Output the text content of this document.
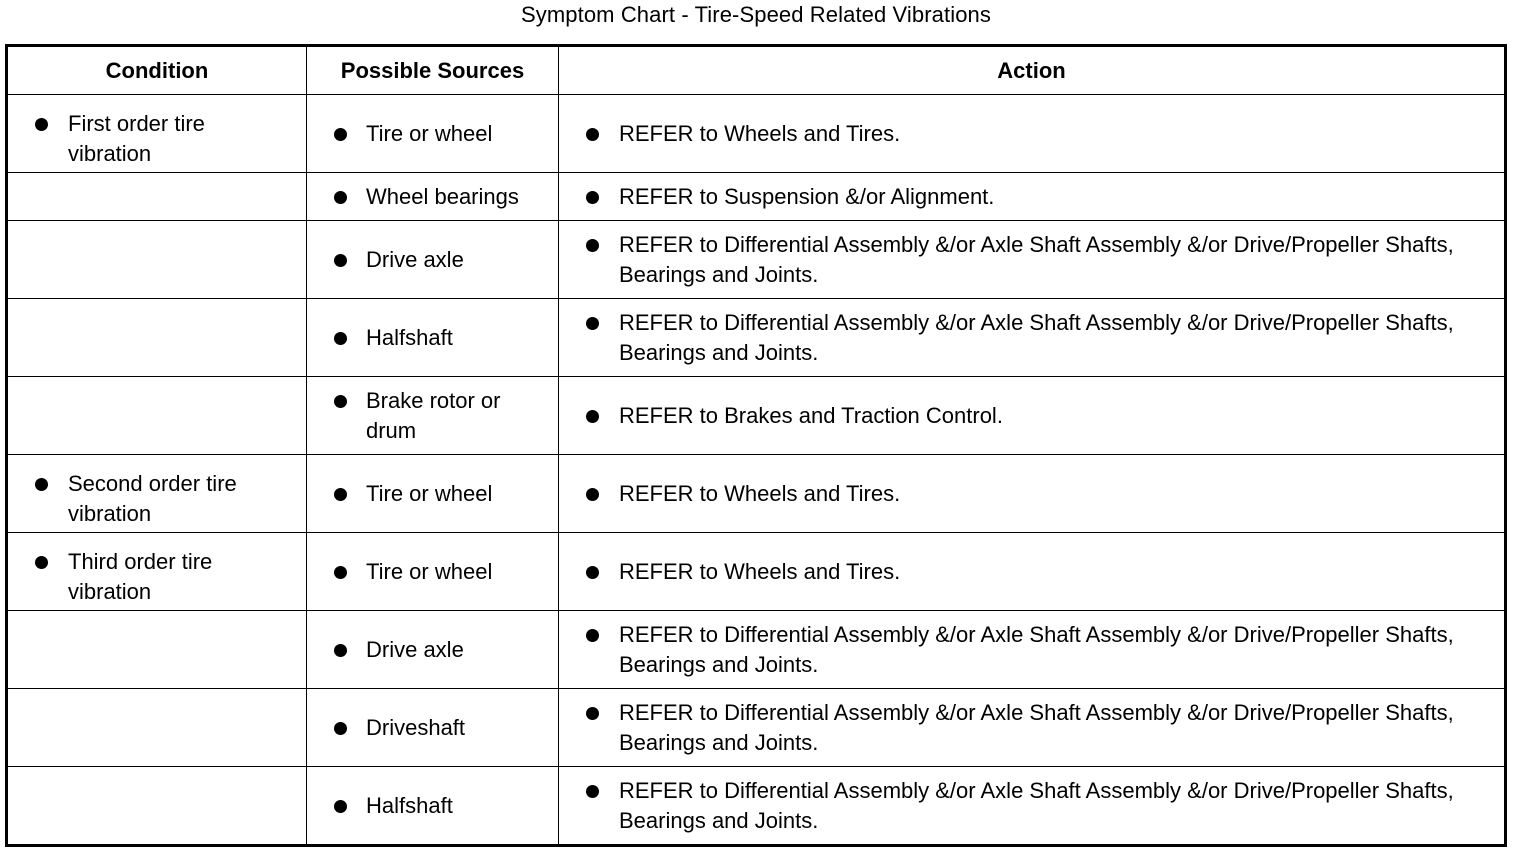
Symptom Chart - Tire-Speed Related Vibrations
Condition	Possible Sources	Action

First order tire vibration	Tire or wheel	REFER to Wheels and Tires.

	Wheel bearings	REFER to Suspension &/or Alignment.

	Drive axle	REFER to Differential Assembly &/or Axle Shaft Assembly &/or Drive/Propeller Shafts, Bearings and Joints.

	Halfshaft	REFER to Differential Assembly &/or Axle Shaft Assembly &/or Drive/Propeller Shafts, Bearings and Joints.

	Brake rotor or drum	REFER to Brakes and Traction Control.

Second order tire vibration	Tire or wheel	REFER to Wheels and Tires.

Third order tire vibration	Tire or wheel	REFER to Wheels and Tires.

	Drive axle	REFER to Differential Assembly &/or Axle Shaft Assembly &/or Drive/Propeller Shafts, Bearings and Joints.

	Driveshaft	REFER to Differential Assembly &/or Axle Shaft Assembly &/or Drive/Propeller Shafts, Bearings and Joints.

	Halfshaft	REFER to Differential Assembly &/or Axle Shaft Assembly &/or Drive/Propeller Shafts, Bearings and Joints.
